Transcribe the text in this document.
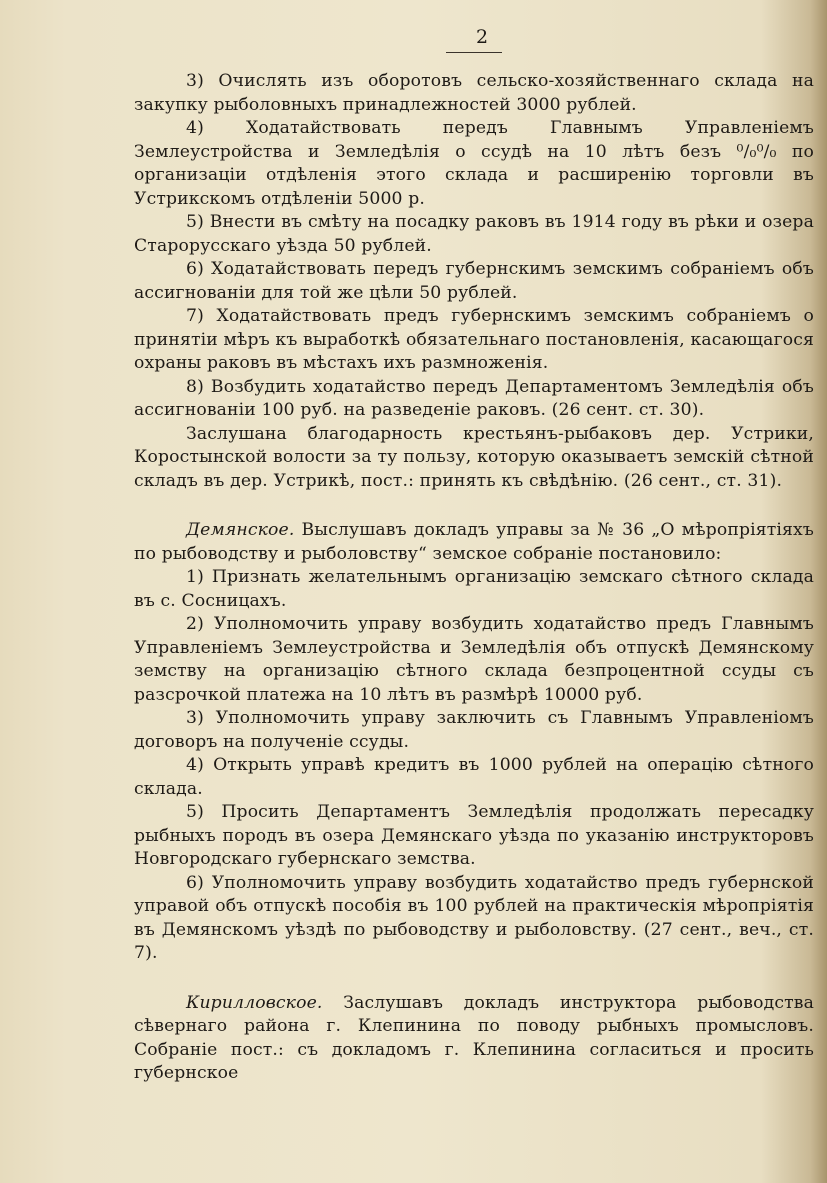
2

3) Очислять изъ оборотовъ сельско-хозяйственнаго склада на закупку рыболовныхъ принадлежностей 3000 рублей.

4) Ходатайствовать передъ Главнымъ Управленіемъ Землеустройства и Земледѣлія о ссудѣ на 10 лѣтъ безъ ⁰/₀⁰/₀ по организаціи отдѣленія этого склада и расширенію торговли въ Устрикскомъ отдѣленіи 5000 р.

5) Внести въ смѣту на посадку раковъ въ 1914 году въ рѣки и озера Старорусскаго уѣзда 50 рублей.

6) Ходатайствовать передъ губернскимъ земскимъ собраніемъ объ ассигнованіи для той же цѣли 50 рублей.

7) Ходатайствовать предъ губернскимъ земскимъ собраніемъ о принятіи мѣръ къ выработкѣ обязательнаго постановленія, касающагося охраны раковъ въ мѣстахъ ихъ размноженія.

8) Возбудить ходатайство передъ Департаментомъ Земледѣлія объ ассигнованіи 100 руб. на разведеніе раковъ. (26 сент. ст. 30).

Заслушана благодарность крестьянъ-рыбаковъ дер. Устрики, Коростынской волости за ту пользу, которую оказываетъ земскій сѣтной складъ въ дер. Устрикѣ, пост.: принять къ свѣдѣнію. (26 сент., ст. 31).

Демянское. Выслушавъ докладъ управы за № 36 „О мѣропріятіяхъ по рыбоводству и рыболовству“ земское собраніе постановило:

1) Признать желательнымъ организацію земскаго сѣтного склада въ с. Сосницахъ.

2) Уполномочить управу возбудить ходатайство предъ Главнымъ Управленіемъ Землеустройства и Земледѣлія объ отпускѣ Демянскому земству на организацію сѣтного склада безпроцентной ссуды съ разсрочкой платежа на 10 лѣтъ въ размѣрѣ 10000 руб.

3) Уполномочить управу заключить съ Главнымъ Управленіомъ договоръ на полученіе ссуды.

4) Открыть управѣ кредитъ въ 1000 рублей на операцію сѣтного склада.

5) Просить Департаментъ Земледѣлія продолжать пересадку рыбныхъ породъ въ озера Демянскаго уѣзда по указанію инструкторовъ Новгородскаго губернскаго земства.

6) Уполномочить управу возбудить ходатайство предъ губернской управой объ отпускѣ пособія въ 100 рублей на практическія мѣропріятія въ Демянскомъ уѣздѣ по рыбоводству и рыболовству. (27 сент., веч., ст. 7).

Кирилловское. Заслушавъ докладъ инструктора рыбоводства сѣвернаго района г. Клепинина по поводу рыбныхъ промысловъ. Собраніе пост.: съ докладомъ г. Клепинина согласиться и просить губернское
